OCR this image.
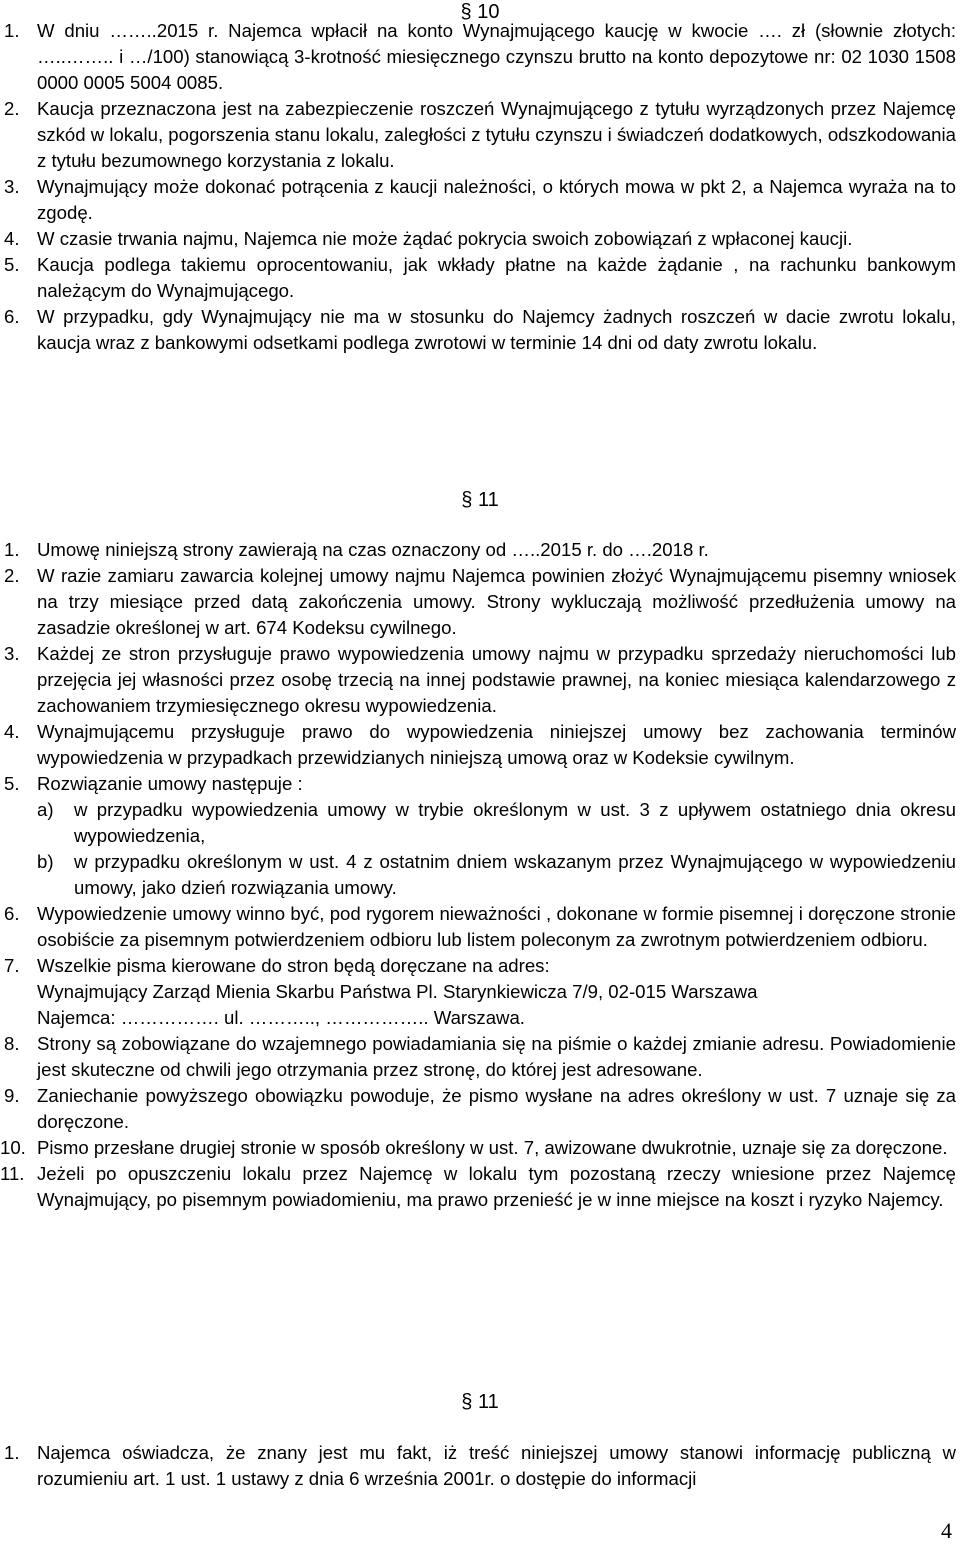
§ 10
1. W dniu ……..2015 r. Najemca wpłacił na konto Wynajmującego kaucję w kwocie …. zł (słownie złotych: …..…….. i …/100) stanowiącą 3-krotność miesięcznego czynszu brutto na konto depozytowe nr: 02 1030 1508 0000 0005 5004 0085.
2. Kaucja przeznaczona jest na zabezpieczenie roszczeń Wynajmującego z tytułu wyrządzonych przez Najemcę szkód w lokalu, pogorszenia stanu lokalu, zaległości z tytułu czynszu i świadczeń dodatkowych, odszkodowania z tytułu bezumownego korzystania z lokalu.
3. Wynajmujący może dokonać potrącenia z kaucji należności, o których mowa w pkt 2, a Najemca wyraża na to zgodę.
4. W czasie trwania najmu, Najemca nie może żądać pokrycia swoich zobowiązań z wpłaconej kaucji.
5. Kaucja podlega takiemu oprocentowaniu, jak wkłady płatne na każde żądanie , na rachunku bankowym należącym do Wynajmującego.
6. W przypadku, gdy Wynajmujący nie ma w stosunku do Najemcy żadnych roszczeń w dacie zwrotu lokalu, kaucja wraz z bankowymi odsetkami podlega zwrotowi w terminie 14 dni od daty zwrotu lokalu.
§ 11
1. Umowę niniejszą strony zawierają na czas oznaczony od …..2015 r. do ….2018 r.
2. W razie zamiaru zawarcia kolejnej umowy najmu Najemca powinien złożyć Wynajmującemu pisemny wniosek na trzy miesiące przed datą zakończenia umowy. Strony wykluczają możliwość przedłużenia umowy na zasadzie określonej w art. 674 Kodeksu cywilnego.
3. Każdej ze stron przysługuje prawo wypowiedzenia umowy najmu w przypadku sprzedaży nieruchomości lub przejęcia jej własności przez osobę trzecią na innej podstawie prawnej, na koniec miesiąca kalendarzowego z zachowaniem trzymiesięcznego okresu wypowiedzenia.
4. Wynajmującemu przysługuje prawo do wypowiedzenia niniejszej umowy bez zachowania terminów wypowiedzenia w przypadkach przewidzianych niniejszą umową oraz w Kodeksie cywilnym.
5. Rozwiązanie umowy następuje :
a) w przypadku wypowiedzenia umowy w trybie określonym w ust. 3 z upływem ostatniego dnia okresu wypowiedzenia,
b) w przypadku określonym w ust. 4 z ostatnim dniem wskazanym przez Wynajmującego w wypowiedzeniu umowy, jako dzień rozwiązania umowy.
6. Wypowiedzenie umowy winno być, pod rygorem nieważności , dokonane w formie pisemnej i doręczone stronie osobiście za pisemnym potwierdzeniem odbioru lub listem poleconym za zwrotnym potwierdzeniem odbioru.
7. Wszelkie pisma kierowane do stron będą doręczane na adres:
Wynajmujący Zarząd Mienia Skarbu Państwa Pl. Starynkiewicza 7/9, 02-015 Warszawa
Najemca: ……………. ul. ……….., …………….. Warszawa.
8. Strony są zobowiązane do wzajemnego powiadamiania się na piśmie o każdej zmianie adresu. Powiadomienie jest skuteczne od chwili jego otrzymania przez stronę, do której jest adresowane.
9. Zaniechanie powyższego obowiązku powoduje, że pismo wysłane na adres określony w ust. 7 uznaje się za doręczone.
10. Pismo przesłane drugiej stronie w sposób określony w ust. 7, awizowane dwukrotnie, uznaje się za doręczone.
11. Jeżeli po opuszczeniu lokalu przez Najemcę w lokalu tym pozostaną rzeczy wniesione przez Najemcę Wynajmujący, po pisemnym powiadomieniu, ma prawo przenieść je w inne miejsce na koszt i ryzyko Najemcy.
§ 11
1. Najemca oświadcza, że znany jest mu fakt, iż treść niniejszej umowy stanowi informację publiczną w rozumieniu art. 1 ust. 1 ustawy z dnia 6 września 2001r. o dostępie do informacji
4
